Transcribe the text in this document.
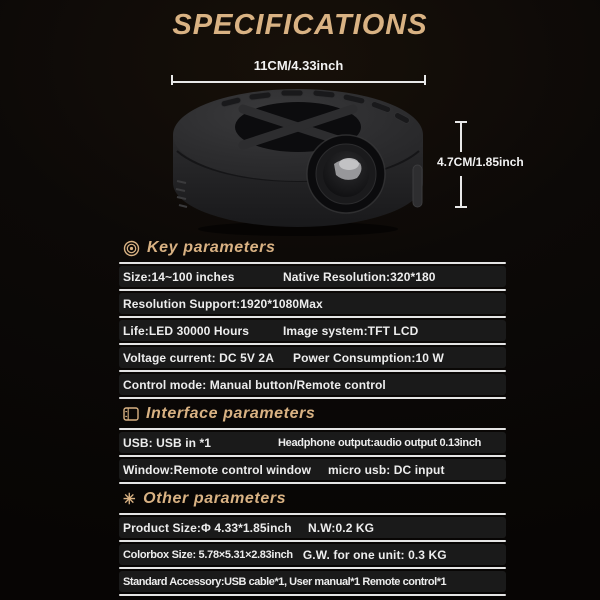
SPECIFICATIONS
11CM/4.33inch
4.7CM/1.85inch
Key parameters
Size:14~100 inches	Native Resolution:320*180
Resolution Support:1920*1080Max
Life:LED 30000 Hours	Image system:TFT LCD
Voltage current: DC 5V 2A	Power Consumption:10 W
Control mode: Manual button/Remote control
Interface parameters
USB: USB in *1	Headphone output:audio output 0.13inch
Window:Remote control window	micro usb: DC input
✳ Other parameters
Product Size:Φ 4.33*1.85inch	N.W:0.2 KG
Colorbox Size: 5.78×5.31×2.83inch G.W. for one unit: 0.3 KG
Standard Accessory:USB cable*1, User manual*1 Remote control*1
